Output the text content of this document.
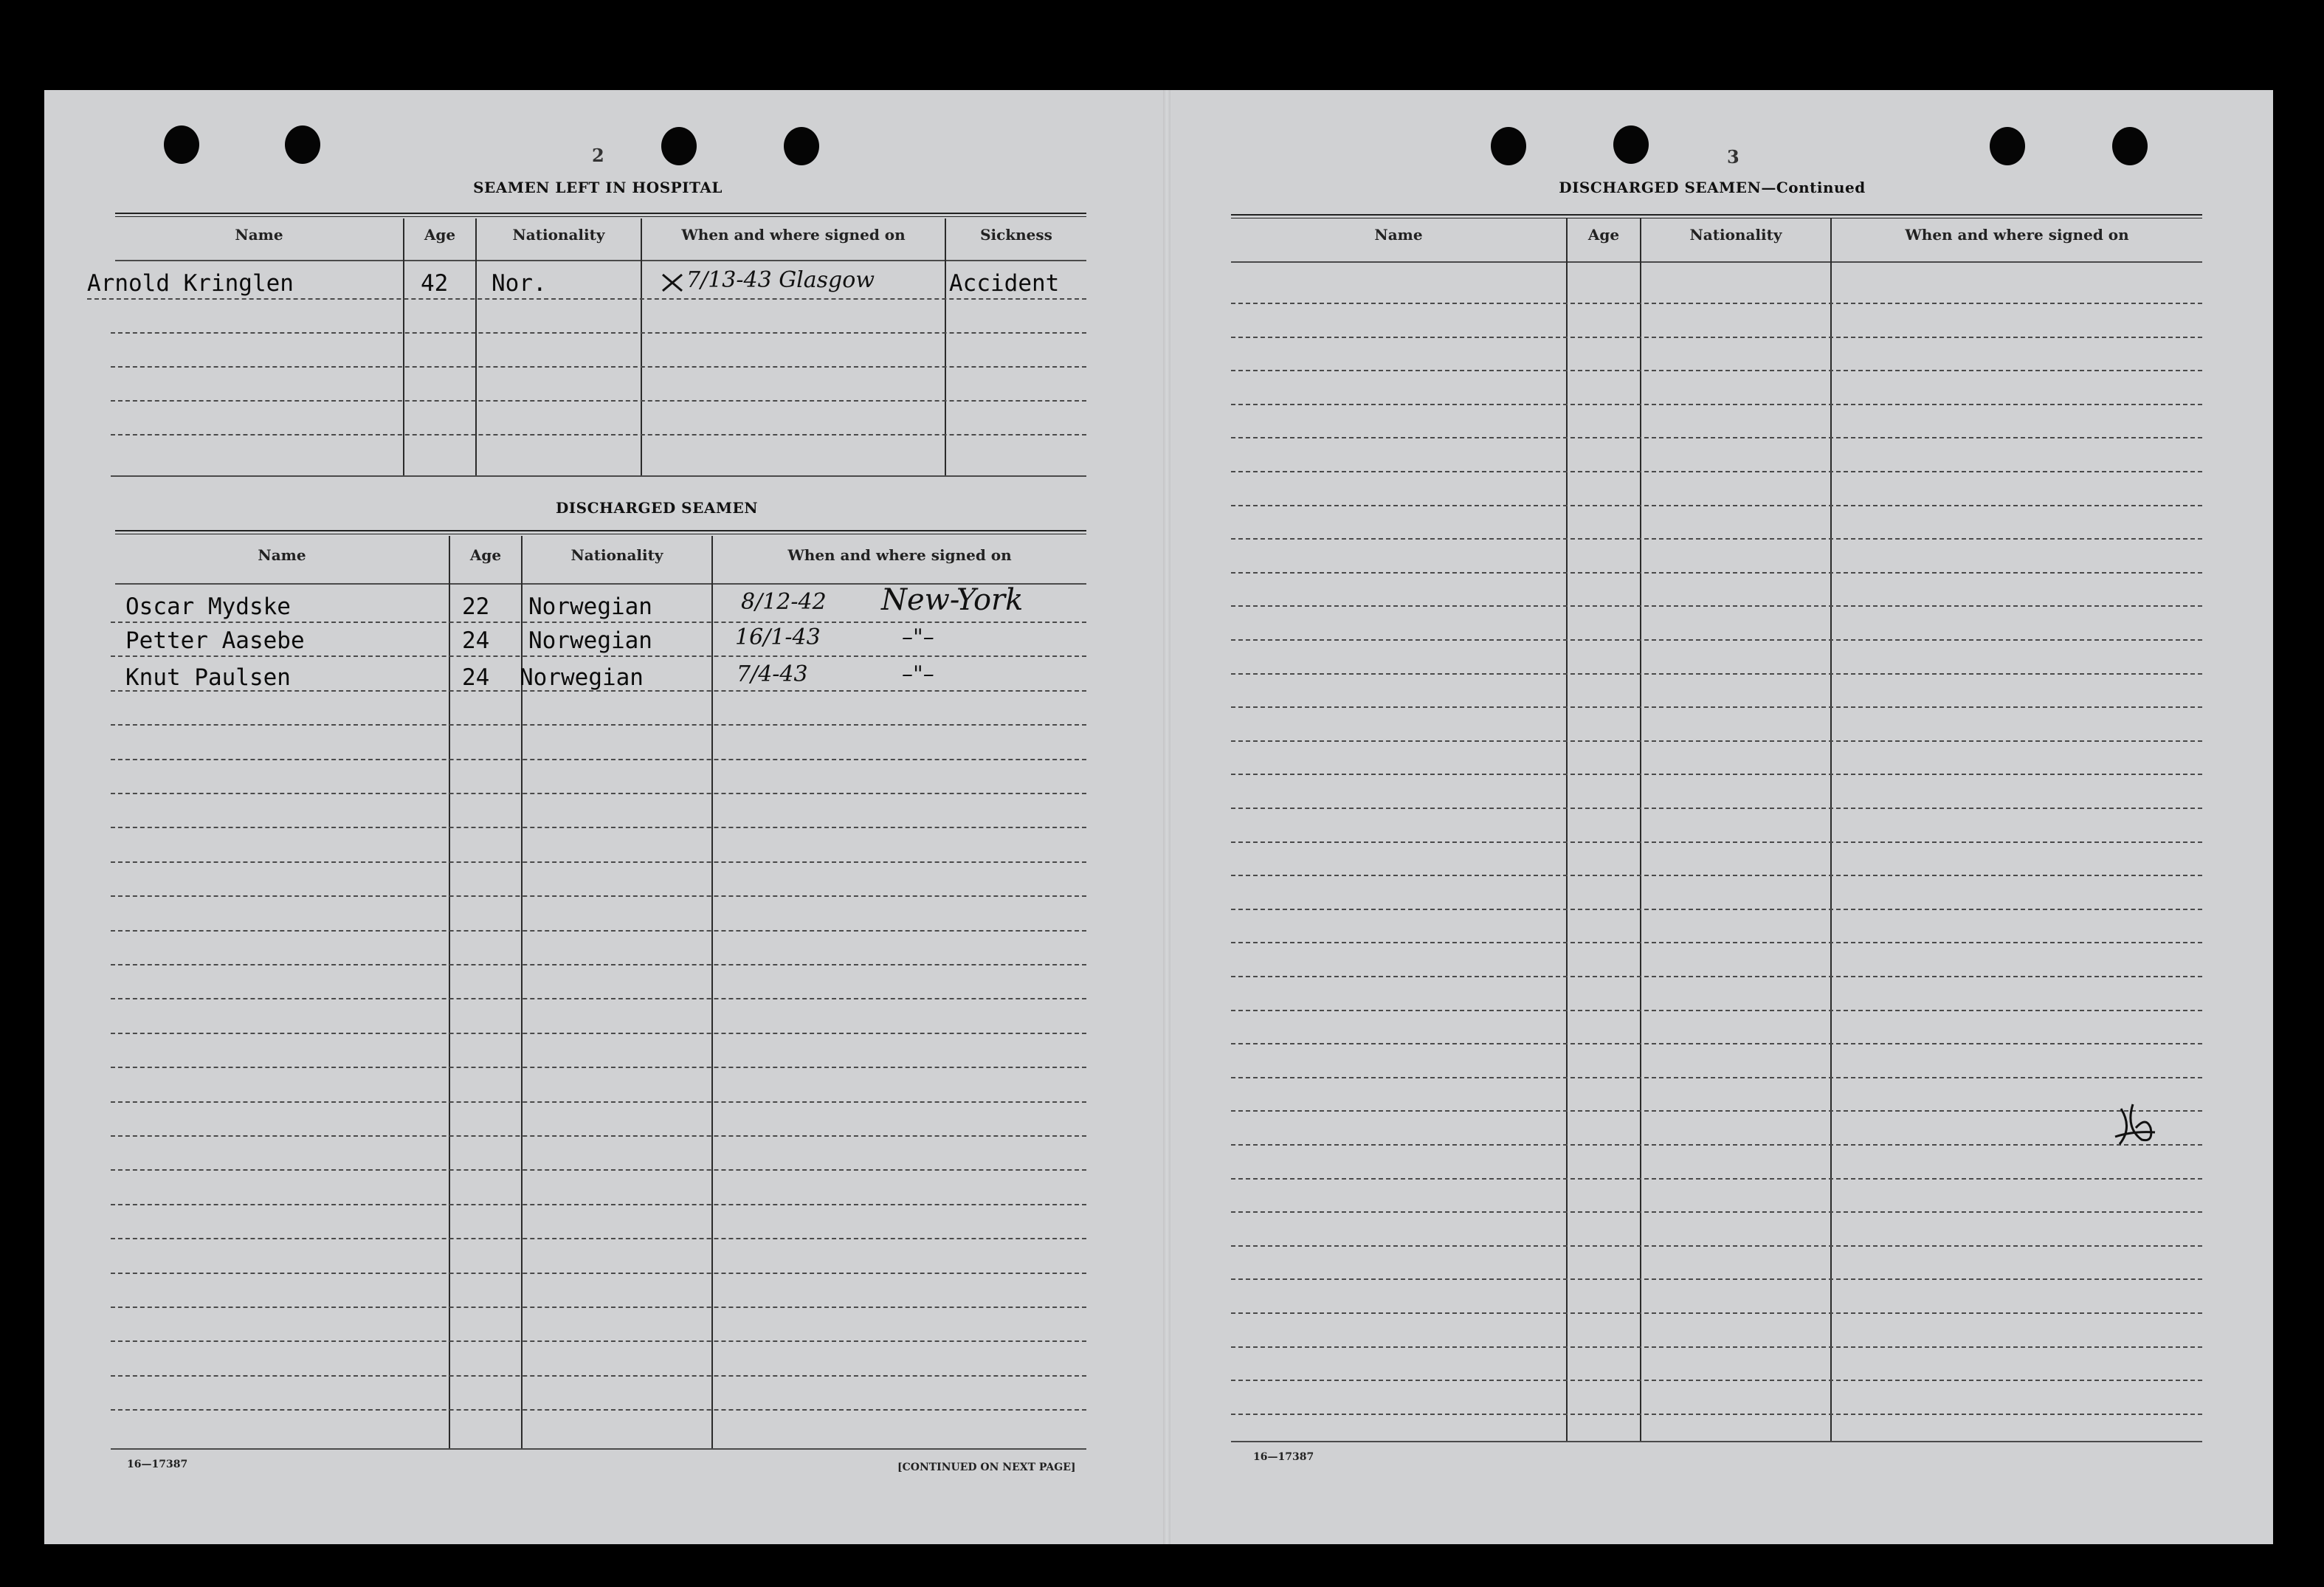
2
SEAMEN LEFT IN HOSPITAL
Name	Age	Nationality	When and where signed on	Sickness
Arnold Kringlen	42 Nor.	7/13-43 Glasgow	Accident
DISCHARGED SEAMEN
Name	Age	Nationality	When and where signed on
Oscar Mydske	22 Norwegian	8/12-42 New-York
Petter Aasebe	24 Norwegian	16/1-43	–"–
Knut Paulsen	24 Norwegian	7/4-43	–"–
16—17387	[CONTINUED ON NEXT PAGE]
3
DISCHARGED SEAMEN—Continued
Name	Age	Nationality	When and where signed on
16—17387
